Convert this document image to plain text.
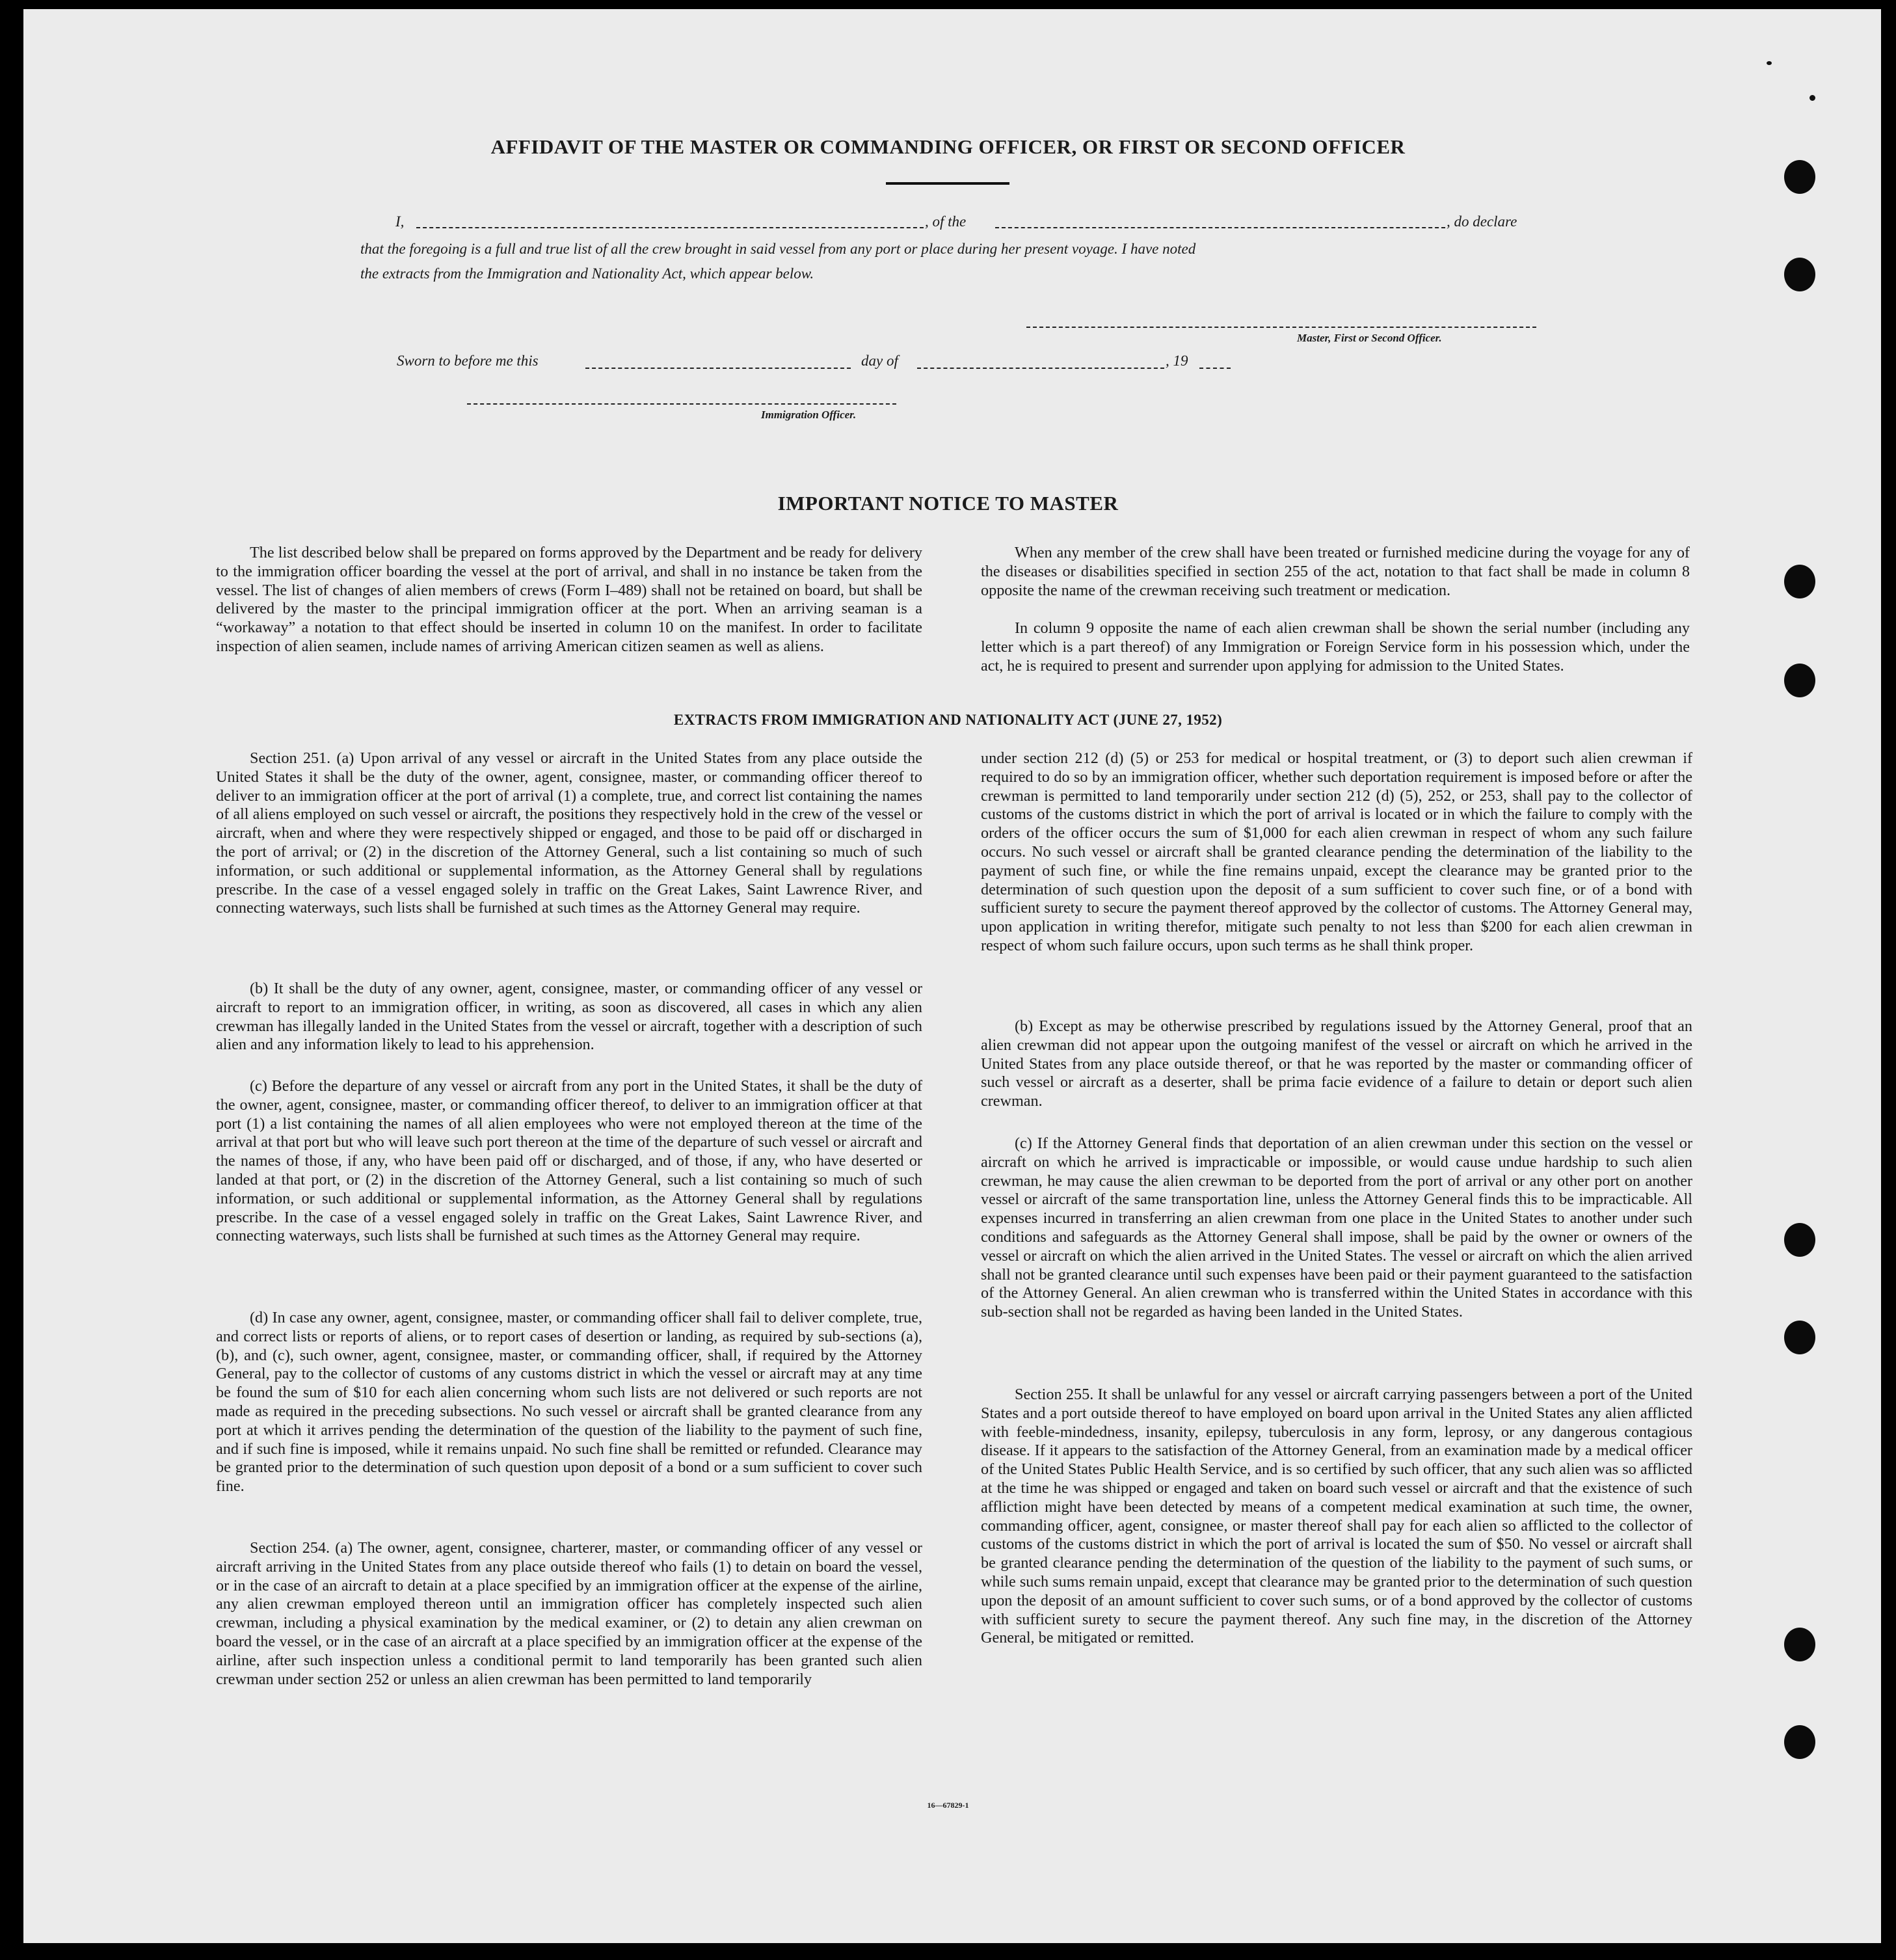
AFFIDAVIT OF THE MASTER OR COMMANDING OFFICER, OR FIRST OR SECOND OFFICER
I,	, of the	, do declare
that the foregoing is a full and true list of all the crew brought in said vessel from any port or place during her present voyage. I have noted
the extracts from the Immigration and Nationality Act, which appear below.
Master, First or Second Officer.
Sworn to before me this	day of	, 19
Immigration Officer.
IMPORTANT NOTICE TO MASTER

The list described below shall be prepared on forms approved by the Department and be ready for delivery to the immigration officer boarding the vessel at the port of arrival, and shall in no instance be taken from the vessel. The list of changes of alien members of crews (Form I–489) shall not be retained on board, but shall be delivered by the master to the principal immigration officer at the port. When an arriving seaman is a “workaway” a notation to that effect should be inserted in column 10 on the manifest. In order to facilitate inspection of alien seamen, include names of arriving American citizen seamen as well as aliens.

When any member of the crew shall have been treated or furnished medicine during the voyage for any of the diseases or disabilities specified in section 255 of the act, notation to that fact shall be made in column 8 opposite the name of the crewman receiving such treatment or medication.

In column 9 opposite the name of each alien crewman shall be shown the serial number (including any letter which is a part thereof) of any Immigration or Foreign Service form in his possession which, under the act, he is required to present and surrender upon applying for admission to the United States.

EXTRACTS FROM IMMIGRATION AND NATIONALITY ACT (JUNE 27, 1952)

Section 251. (a) Upon arrival of any vessel or aircraft in the United States from any place outside the United States it shall be the duty of the owner, agent, consignee, master, or commanding officer thereof to deliver to an immigration officer at the port of arrival (1) a complete, true, and correct list containing the names of all aliens employed on such vessel or aircraft, the positions they respectively hold in the crew of the vessel or aircraft, when and where they were respectively shipped or engaged, and those to be paid off or discharged in the port of arrival; or (2) in the discretion of the Attorney General, such a list containing so much of such information, or such additional or supplemental information, as the Attorney General shall by regulations prescribe. In the case of a vessel engaged solely in traffic on the Great Lakes, Saint Lawrence River, and connecting waterways, such lists shall be furnished at such times as the Attorney General may require.

(b) It shall be the duty of any owner, agent, consignee, master, or commanding officer of any vessel or aircraft to report to an immigration officer, in writing, as soon as discovered, all cases in which any alien crewman has illegally landed in the United States from the vessel or aircraft, together with a description of such alien and any information likely to lead to his apprehension.

(c) Before the departure of any vessel or aircraft from any port in the United States, it shall be the duty of the owner, agent, consignee, master, or commanding officer thereof, to deliver to an immigration officer at that port (1) a list containing the names of all alien employees who were not employed thereon at the time of the arrival at that port but who will leave such port thereon at the time of the departure of such vessel or aircraft and the names of those, if any, who have been paid off or discharged, and of those, if any, who have deserted or landed at that port, or (2) in the discretion of the Attorney General, such a list containing so much of such information, or such additional or supplemental information, as the Attorney General shall by regulations prescribe. In the case of a vessel engaged solely in traffic on the Great Lakes, Saint Lawrence River, and connecting waterways, such lists shall be furnished at such times as the Attorney General may require.

(d) In case any owner, agent, consignee, master, or commanding officer shall fail to deliver complete, true, and correct lists or reports of aliens, or to report cases of desertion or landing, as required by sub-sections (a), (b), and (c), such owner, agent, consignee, master, or commanding officer, shall, if required by the Attorney General, pay to the collector of customs of any customs district in which the vessel or aircraft may at any time be found the sum of $10 for each alien concerning whom such lists are not delivered or such reports are not made as required in the preceding subsections. No such vessel or aircraft shall be granted clearance from any port at which it arrives pending the determination of the question of the liability to the payment of such fine, and if such fine is imposed, while it remains unpaid. No such fine shall be remitted or refunded. Clearance may be granted prior to the determination of such question upon deposit of a bond or a sum sufficient to cover such fine.

Section 254. (a) The owner, agent, consignee, charterer, master, or commanding officer of any vessel or aircraft arriving in the United States from any place outside thereof who fails (1) to detain on board the vessel, or in the case of an aircraft to detain at a place specified by an immigration officer at the expense of the airline, any alien crewman employed thereon until an immigration officer has completely inspected such alien crewman, including a physical examination by the medical examiner, or (2) to detain any alien crewman on board the vessel, or in the case of an aircraft at a place specified by an immigration officer at the expense of the airline, after such inspection unless a conditional permit to land temporarily has been granted such alien crewman under section 252 or unless an alien crewman has been permitted to land temporarily

under section 212 (d) (5) or 253 for medical or hospital treatment, or (3) to deport such alien crewman if required to do so by an immigration officer, whether such deportation requirement is imposed before or after the crewman is permitted to land temporarily under section 212 (d) (5), 252, or 253, shall pay to the collector of customs of the customs district in which the port of arrival is located or in which the failure to comply with the orders of the officer occurs the sum of $1,000 for each alien crewman in respect of whom any such failure occurs. No such vessel or aircraft shall be granted clearance pending the determination of the liability to the payment of such fine, or while the fine remains unpaid, except the clearance may be granted prior to the determination of such question upon the deposit of a sum sufficient to cover such fine, or of a bond with sufficient surety to secure the payment thereof approved by the collector of customs. The Attorney General may, upon application in writing therefor, mitigate such penalty to not less than $200 for each alien crewman in respect of whom such failure occurs, upon such terms as he shall think proper.

(b) Except as may be otherwise prescribed by regulations issued by the Attorney General, proof that an alien crewman did not appear upon the outgoing manifest of the vessel or aircraft on which he arrived in the United States from any place outside thereof, or that he was reported by the master or commanding officer of such vessel or aircraft as a deserter, shall be prima facie evidence of a failure to detain or deport such alien crewman.

(c) If the Attorney General finds that deportation of an alien crewman under this section on the vessel or aircraft on which he arrived is impracticable or impossible, or would cause undue hardship to such alien crewman, he may cause the alien crewman to be deported from the port of arrival or any other port on another vessel or aircraft of the same transportation line, unless the Attorney General finds this to be impracticable. All expenses incurred in transferring an alien crewman from one place in the United States to another under such conditions and safeguards as the Attorney General shall impose, shall be paid by the owner or owners of the vessel or aircraft on which the alien arrived in the United States. The vessel or aircraft on which the alien arrived shall not be granted clearance until such expenses have been paid or their payment guaranteed to the satisfaction of the Attorney General. An alien crewman who is transferred within the United States in accordance with this sub-section shall not be regarded as having been landed in the United States.

Section 255. It shall be unlawful for any vessel or aircraft carrying passengers between a port of the United States and a port outside thereof to have employed on board upon arrival in the United States any alien afflicted with feeble-mindedness, insanity, epilepsy, tuberculosis in any form, leprosy, or any dangerous contagious disease. If it appears to the satisfaction of the Attorney General, from an examination made by a medical officer of the United States Public Health Service, and is so certified by such officer, that any such alien was so afflicted at the time he was shipped or engaged and taken on board such vessel or aircraft and that the existence of such affliction might have been detected by means of a competent medical examination at such time, the owner, commanding officer, agent, consignee, or master thereof shall pay for each alien so afflicted to the collector of customs of the customs district in which the port of arrival is located the sum of $50. No vessel or aircraft shall be granted clearance pending the determination of the question of the liability to the payment of such sums, or while such sums remain unpaid, except that clearance may be granted prior to the determination of such question upon the deposit of an amount sufficient to cover such sums, or of a bond approved by the collector of customs with sufficient surety to secure the payment thereof. Any such fine may, in the discretion of the Attorney General, be mitigated or remitted.

16—67829-1
